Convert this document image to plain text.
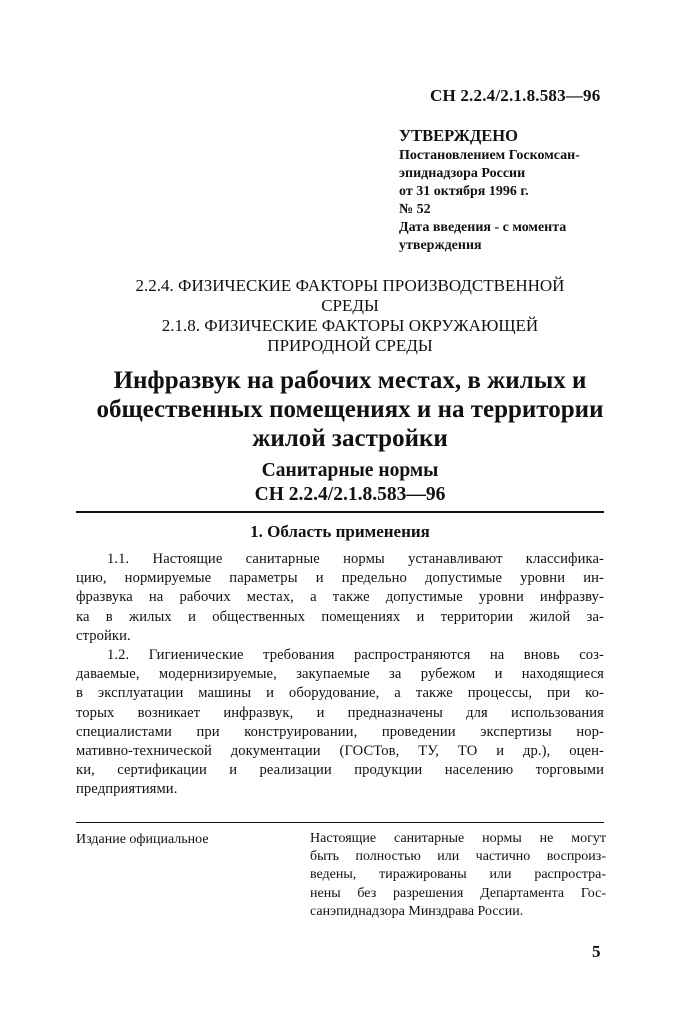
СН 2.2.4/2.1.8.583—96
УТВЕРЖДЕНО
Постановлением Госкомсан-
эпиднадзора России
от 31 октября 1996 г.
№ 52
Дата введения - с момента
утверждения
2.2.4. ФИЗИЧЕСКИЕ ФАКТОРЫ ПРОИЗВОДСТВЕННОЙ
СРЕДЫ
2.1.8. ФИЗИЧЕСКИЕ ФАКТОРЫ ОКРУЖАЮЩЕЙ
ПРИРОДНОЙ СРЕДЫ
Инфразвук на рабочих местах, в жилых и
общественных помещениях и на территории
жилой застройки
Санитарные нормы
СН 2.2.4/2.1.8.583—96
1. Область применения
1.1. Настоящие санитарные нормы устанавливают классифика-
цию, нормируемые параметры и предельно допустимые уровни ин-
фразвука на рабочих местах, а также допустимые уровни инфразву-
ка в жилых и общественных помещениях и территории жилой за-
стройки.
1.2. Гигиенические требования распространяются на вновь соз-
даваемые, модернизируемые, закупаемые за рубежом и находящиеся
в эксплуатации машины и оборудование, а также процессы, при ко-
торых возникает инфразвук, и предназначены для использования
специалистами при конструировании, проведении экспертизы нор-
мативно-технической документации (ГОСТов, ТУ, ТО и др.), оцен-
ки, сертификации и реализации продукции населению торговыми
предприятиями.
Издание официальное	Настоящие санитарные нормы не могут
быть полностью или частично воспроиз-
ведены, тиражированы или распростра-
нены без разрешения Департамента Гос-
санэпиднадзора Минздрава России.
5
